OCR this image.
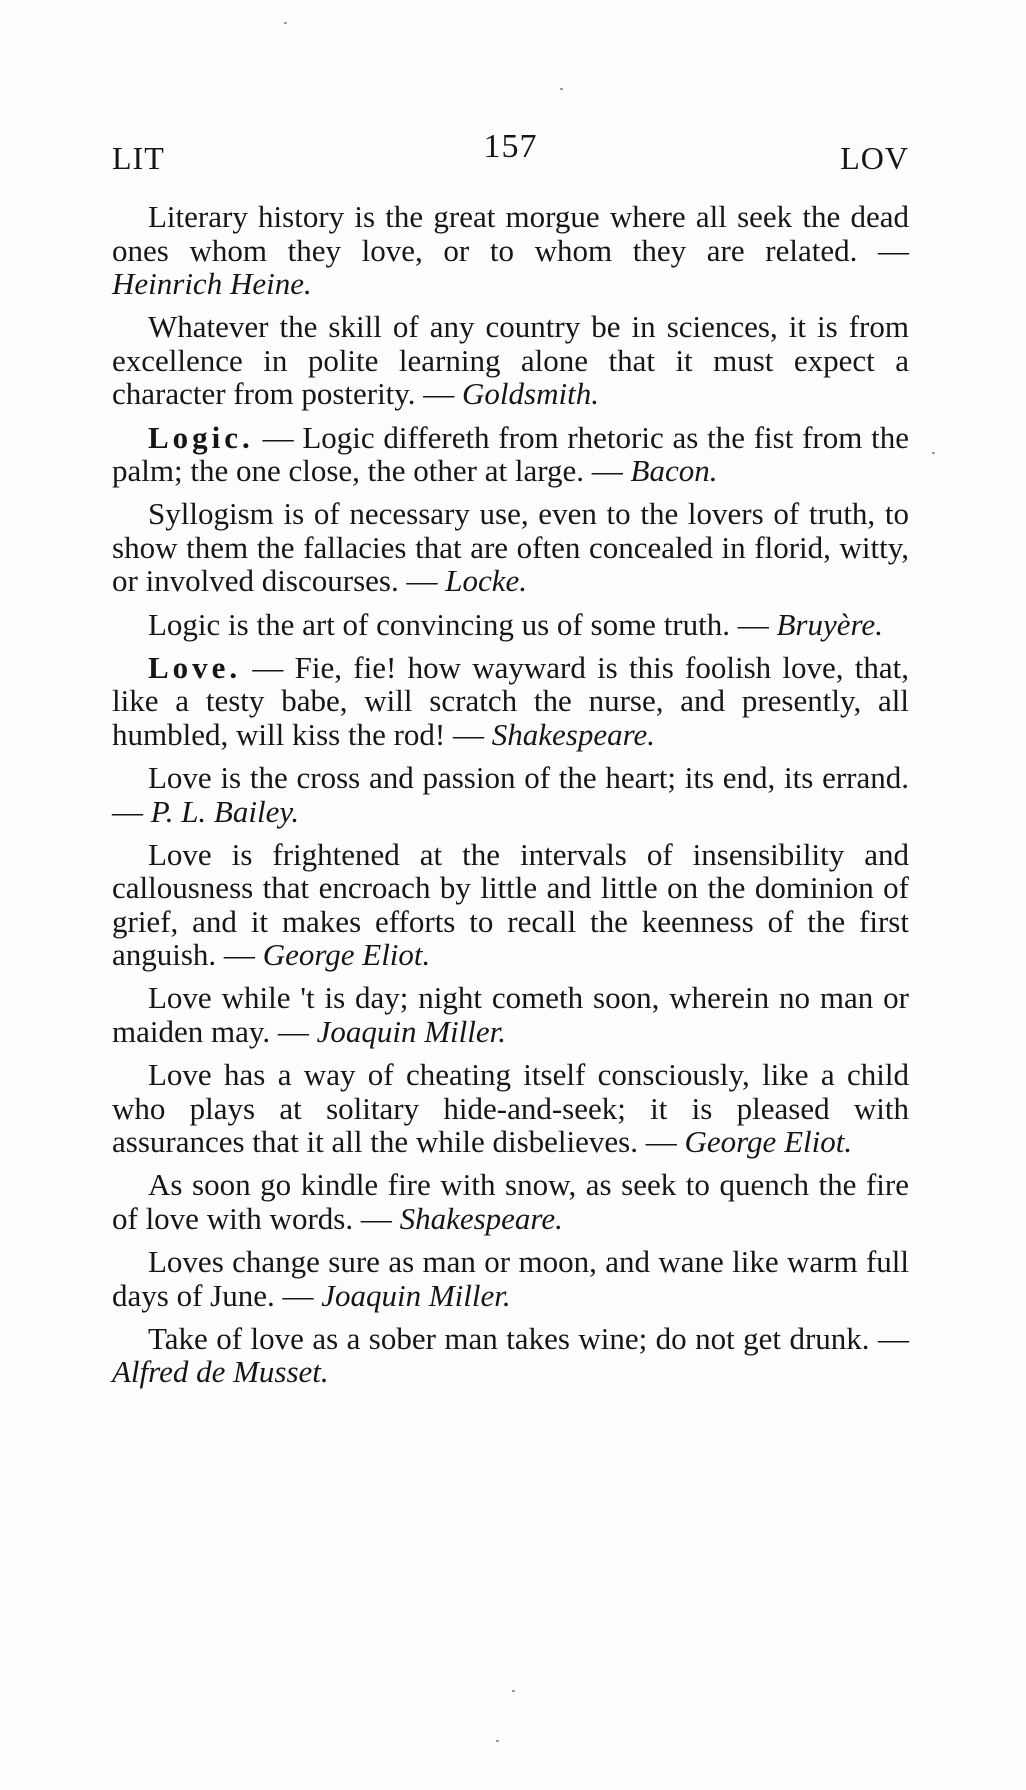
LIT	157	LOV

Literary history is the great morgue where all seek the dead ones whom they love, or to whom they are related. — Heinrich Heine.

Whatever the skill of any country be in sciences, it is from excellence in polite learning alone that it must expect a character from posterity. — Goldsmith.

Logic. — Logic differeth from rhetoric as the fist from the palm; the one close, the other at large. — Bacon.

Syllogism is of necessary use, even to the lovers of truth, to show them the fallacies that are often concealed in florid, witty, or involved discourses. — Locke.

Logic is the art of convincing us of some truth. — Bruyère.

Love. — Fie, fie! how wayward is this foolish love, that, like a testy babe, will scratch the nurse, and presently, all humbled, will kiss the rod! — Shakespeare.

Love is the cross and passion of the heart; its end, its errand. — P. L. Bailey.

Love is frightened at the intervals of insensibility and callousness that encroach by little and little on the dominion of grief, and it makes efforts to recall the keenness of the first anguish. — George Eliot.

Love while 't is day; night cometh soon, wherein no man or maiden may. — Joaquin Miller.

Love has a way of cheating itself consciously, like a child who plays at solitary hide-and-seek; it is pleased with assurances that it all the while disbelieves. — George Eliot.

As soon go kindle fire with snow, as seek to quench the fire of love with words. — Shakespeare.

Loves change sure as man or moon, and wane like warm full days of June. — Joaquin Miller.

Take of love as a sober man takes wine; do not get drunk. — Alfred de Musset.
